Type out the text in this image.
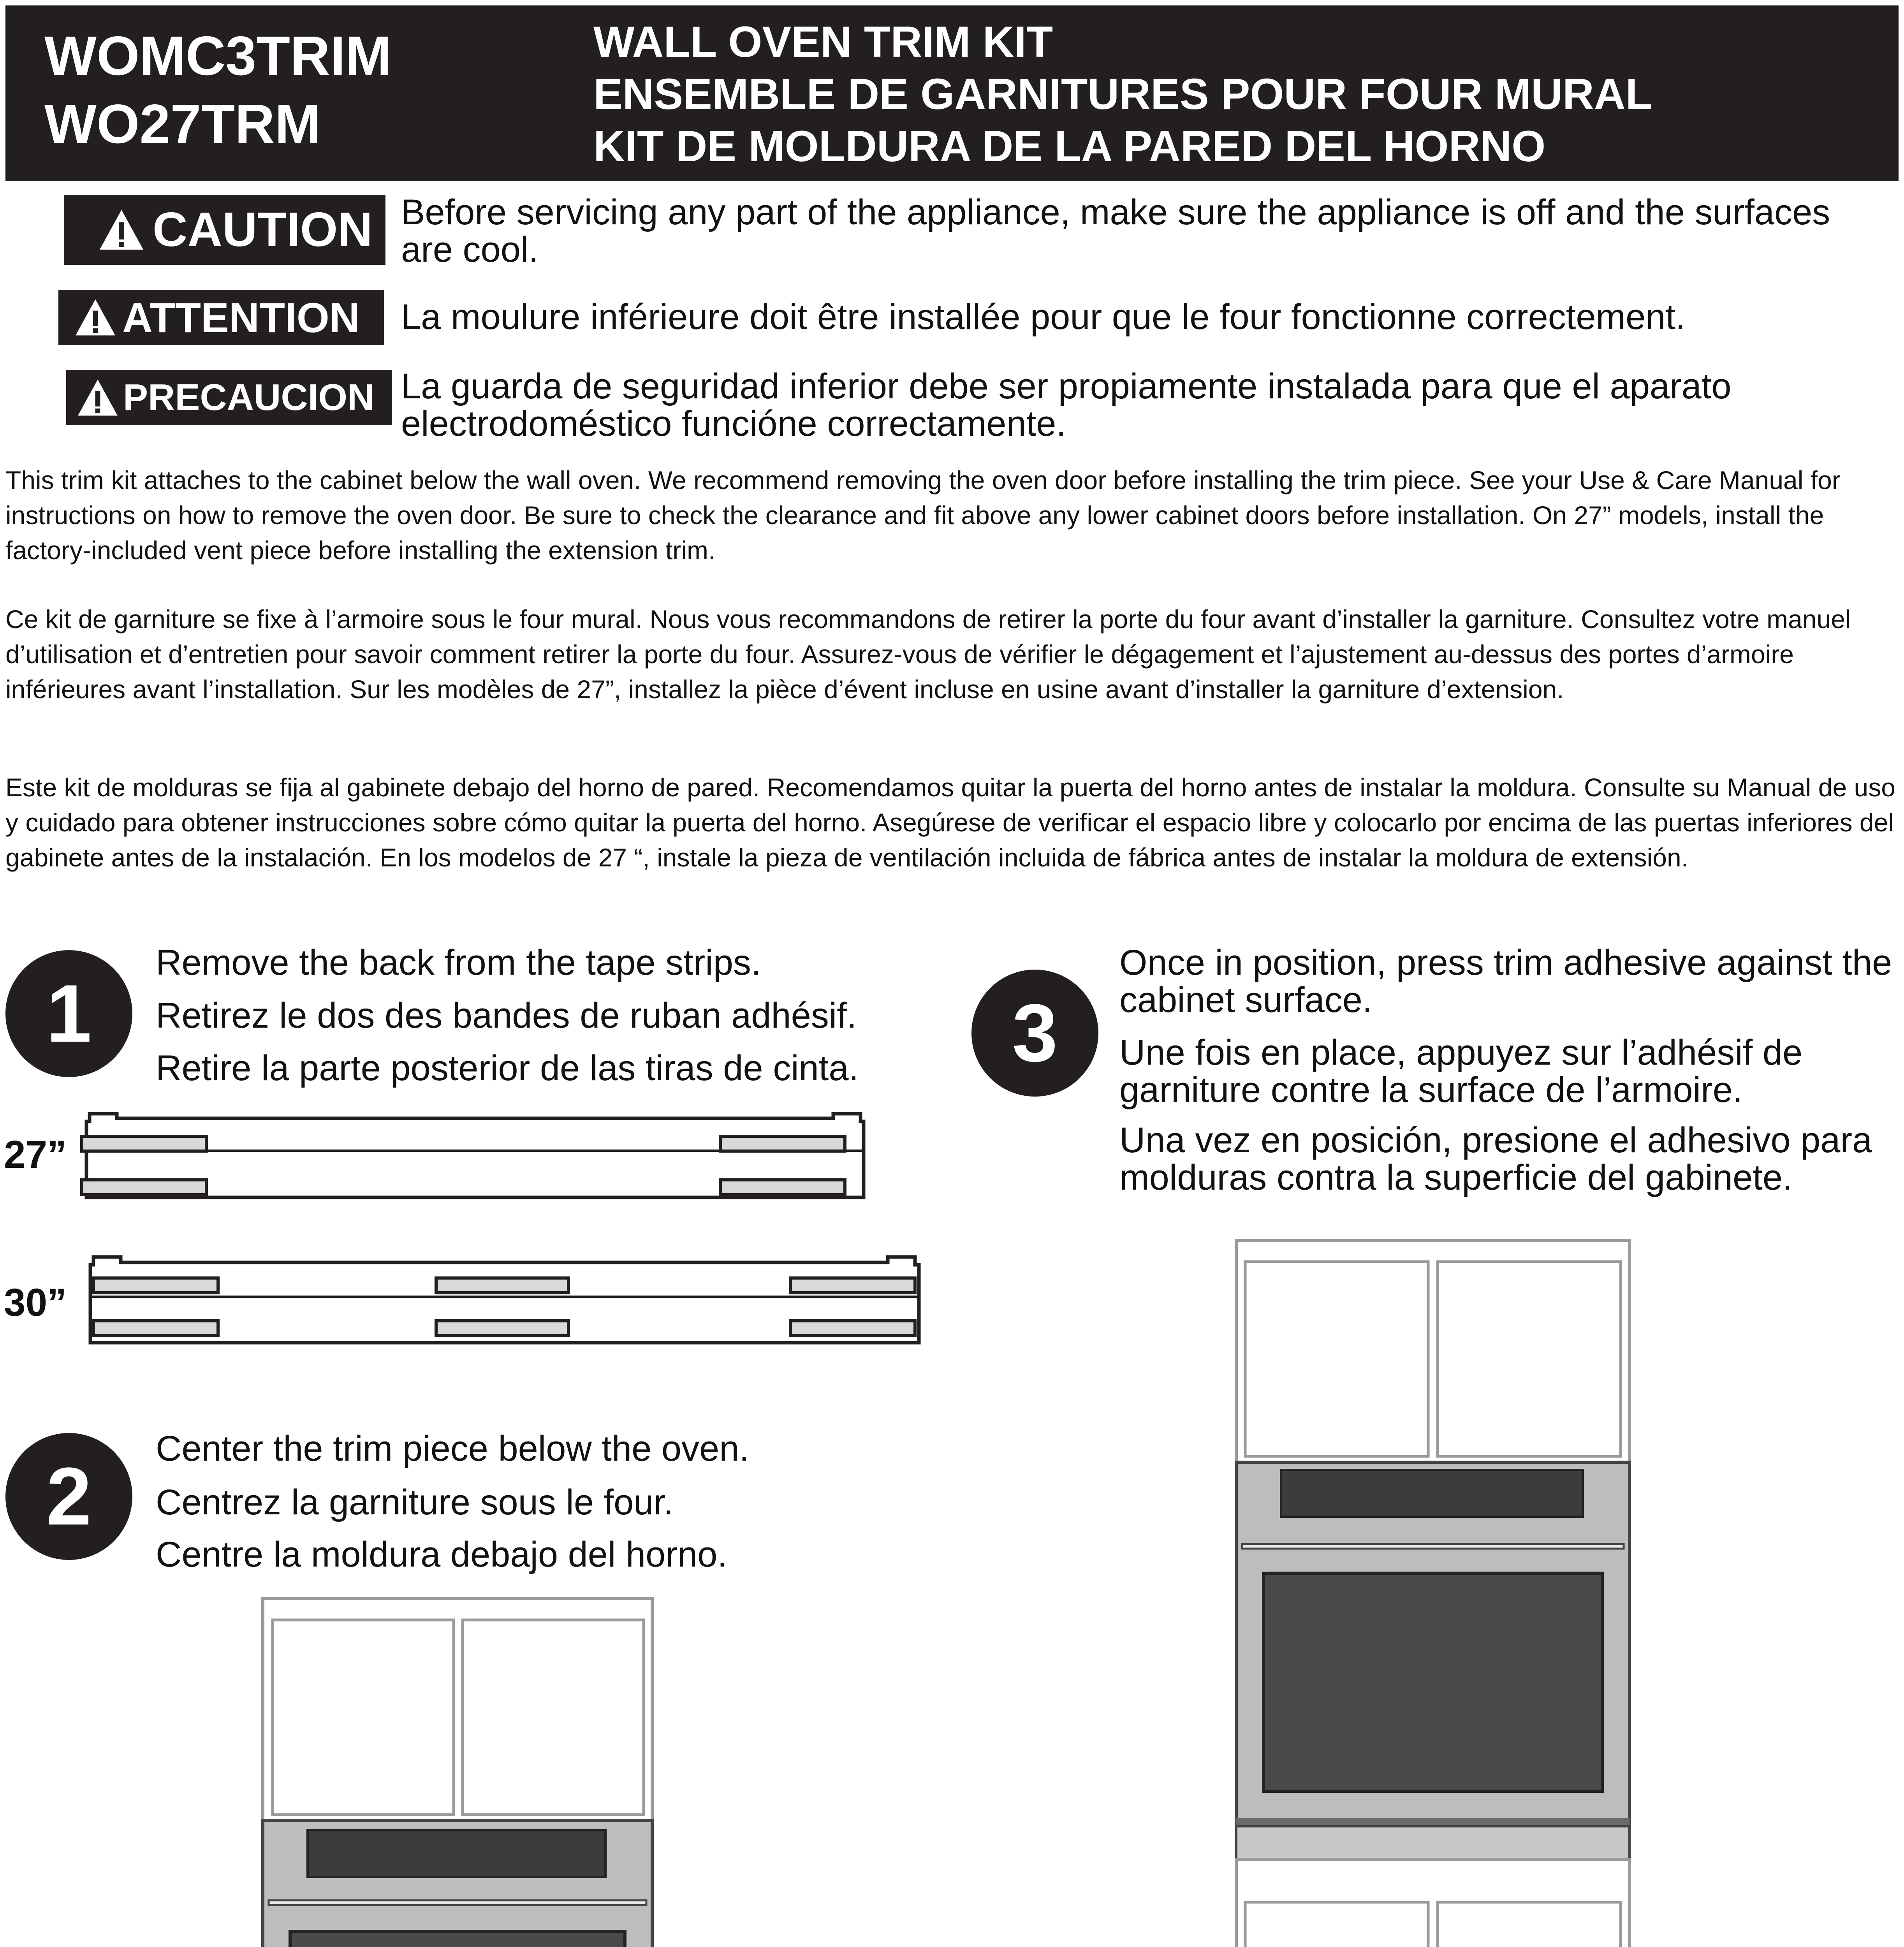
WOMC3TRIM
WO27TRM
WALL OVEN TRIM KIT
ENSEMBLE DE GARNITURES POUR FOUR MURAL
KIT DE MOLDURA DE LA PARED DEL HORNO
CAUTION Before servicing any part of the appliance, make sure the appliance is off and the surfaces are cool.
ATTENTION La moulure inférieure doit être installée pour que le four fonctionne correctement.
PRECAUCION La guarda de seguridad inferior debe ser propiamente instalada para que el aparato electrodoméstico funcióne correctamente.
This trim kit attaches to the cabinet below the wall oven. We recommend removing the oven door before installing the trim piece. See your Use & Care Manual for instructions on how to remove the oven door. Be sure to check the clearance and fit above any lower cabinet doors before installation. On 27” models, install the factory-included vent piece before installing the extension trim.
Ce kit de garniture se fixe à l’armoire sous le four mural. Nous vous recommandons de retirer la porte du four avant d’installer la garniture. Consultez votre manuel d’utilisation et d’entretien pour savoir comment retirer la porte du four. Assurez-vous de vérifier le dégagement et l’ajustement au-dessus des portes d’armoire inférieures avant l’installation. Sur les modèles de 27”, installez la pièce d’évent incluse en usine avant d’installer la garniture d’extension.
Este kit de molduras se fija al gabinete debajo del horno de pared. Recomendamos quitar la puerta del horno antes de instalar la moldura. Consulte su Manual de uso y cuidado para obtener instrucciones sobre cómo quitar la puerta del horno. Asegúrese de verificar el espacio libre y colocarlo por encima de las puertas inferiores del gabinete antes de la instalación. En los modelos de 27 “, instale la pieza de ventilación incluida de fábrica antes de instalar la moldura de extensión.
1
Remove the back from the tape strips.
Retirez le dos des bandes de ruban adhésif.
Retire la parte posterior de las tiras de cinta.
27”
30”
2
Center the trim piece below the oven.
Centrez la garniture sous le four.
Centre la moldura debajo del horno.
3
Once in position, press trim adhesive against the cabinet surface.
Une fois en place, appuyez sur l’adhésif de garniture contre la surface de l’armoire.
Una vez en posición, presione el adhesivo para molduras contra la superficie del gabinete.
